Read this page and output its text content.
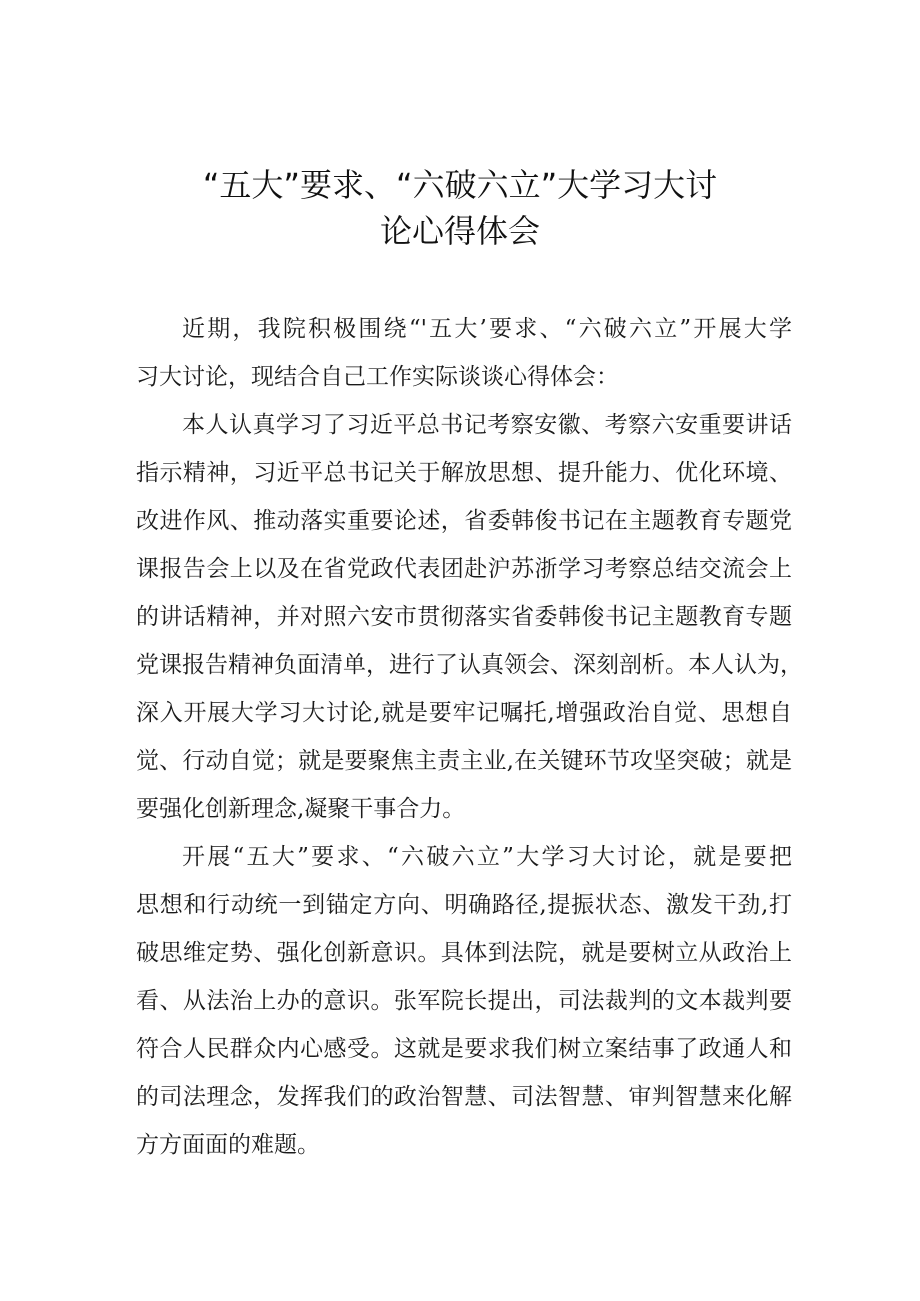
“五大”要求、“六破六立”大学习大讨
论心得体会
近期，我院积极围绕“'五大’要求、“六破六立”开展大学
习大讨论，现结合自己工作实际谈谈心得体会：
本人认真学习了习近平总书记考察安徽、考察六安重要讲话
指示精神，习近平总书记关于解放思想、提升能力、优化环境、
改进作风、推动落实重要论述，省委韩俊书记在主题教育专题党
课报告会上以及在省党政代表团赴沪苏浙学习考察总结交流会上
的讲话精神，并对照六安市贯彻落实省委韩俊书记主题教育专题
党课报告精神负面清单，进行了认真领会、深刻剖析。本人认为，
深入开展大学习大讨论,就是要牢记嘱托,增强政治自觉、思想自
觉、行动自觉；就是要聚焦主责主业,在关键环节攻坚突破；就是
要强化创新理念,凝聚干事合力。
开展“五大”要求、“六破六立”大学习大讨论，就是要把
思想和行动统一到锚定方向、明确路径,提振状态、激发干劲,打
破思维定势、强化创新意识。具体到法院，就是要树立从政治上
看、从法治上办的意识。张军院长提出，司法裁判的文本裁判要
符合人民群众内心感受。这就是要求我们树立案结事了政通人和
的司法理念，发挥我们的政治智慧、司法智慧、审判智慧来化解
方方面面的难题。
